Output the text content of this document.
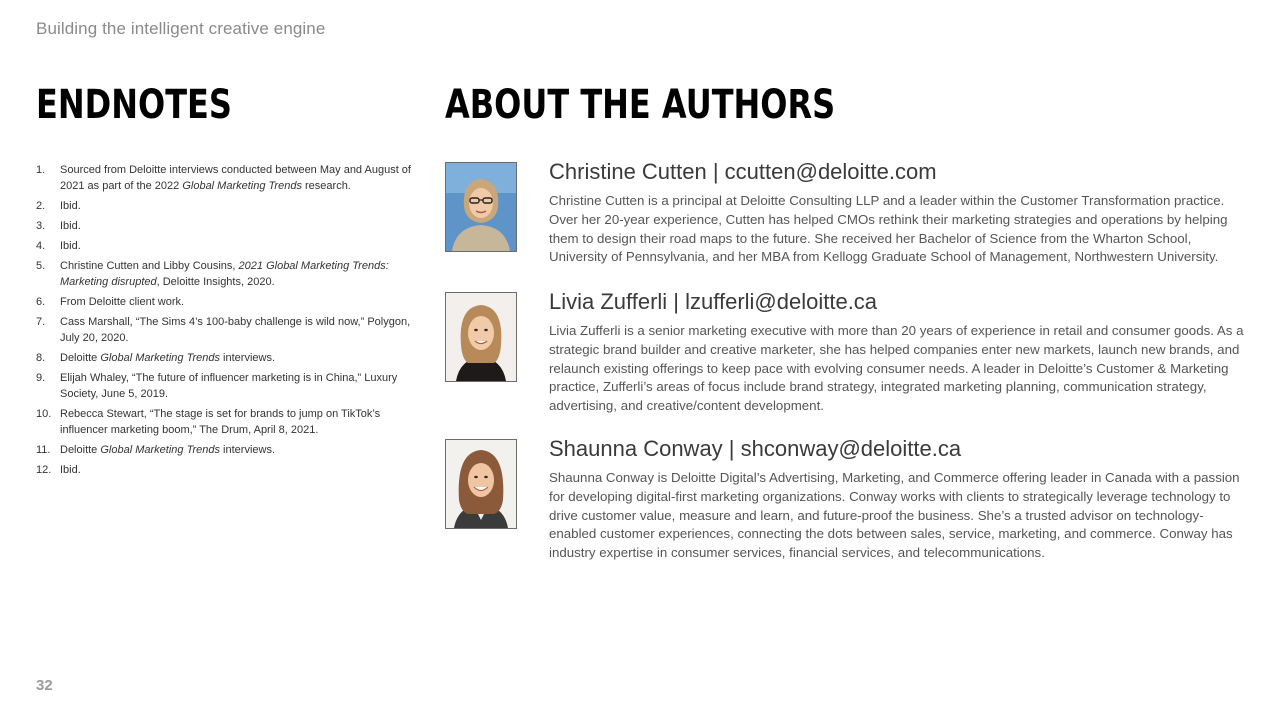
Building the intelligent creative engine
ENDNOTES	ABOUT THE AUTHORS
1. Sourced from Deloitte interviews conducted between May and August of 2021 as part of the 2022 Global Marketing Trends research.
2. Ibid.
3. Ibid.
4. Ibid.
5. Christine Cutten and Libby Cousins, 2021 Global Marketing Trends: Marketing disrupted, Deloitte Insights, 2020.
6. From Deloitte client work.
7. Cass Marshall, “The Sims 4’s 100-baby challenge is wild now,” Polygon, July 20, 2020.
8. Deloitte Global Marketing Trends interviews.
9. Elijah Whaley, “The future of influencer marketing is in China,” Luxury Society, June 5, 2019.
10. Rebecca Stewart, “The stage is set for brands to jump on TikTok’s influencer marketing boom,” The Drum, April 8, 2021.
11. Deloitte Global Marketing Trends interviews.
12. Ibid.
Christine Cutten | ccutten@deloitte.com

Christine Cutten is a principal at Deloitte Consulting LLP and a leader within the Customer Transformation practice. Over her 20-year experience, Cutten has helped CMOs rethink their marketing strategies and operations by helping them to design their road maps to the future. She received her Bachelor of Science from the Wharton School, University of Pennsylvania, and her MBA from Kellogg Graduate School of Management, Northwestern University.

Livia Zufferli | lzufferli@deloitte.ca

Livia Zufferli is a senior marketing executive with more than 20 years of experience in retail and consumer goods. As a strategic brand builder and creative marketer, she has helped companies enter new markets, launch new brands, and relaunch existing offerings to keep pace with evolving consumer needs. A leader in Deloitte’s Customer & Marketing practice, Zufferli’s areas of focus include brand strategy, integrated marketing planning, communication strategy, advertising, and creative/content development.

Shaunna Conway | shconway@deloitte.ca

Shaunna Conway is Deloitte Digital’s Advertising, Marketing, and Commerce offering leader in Canada with a passion for developing digital-first marketing organizations. Conway works with clients to strategically leverage technology to drive customer value, measure and learn, and future-proof the business. She’s a trusted advisor on technology-enabled customer experiences, connecting the dots between sales, service, marketing, and commerce. Conway has industry expertise in consumer services, financial services, and telecommunications.

32
